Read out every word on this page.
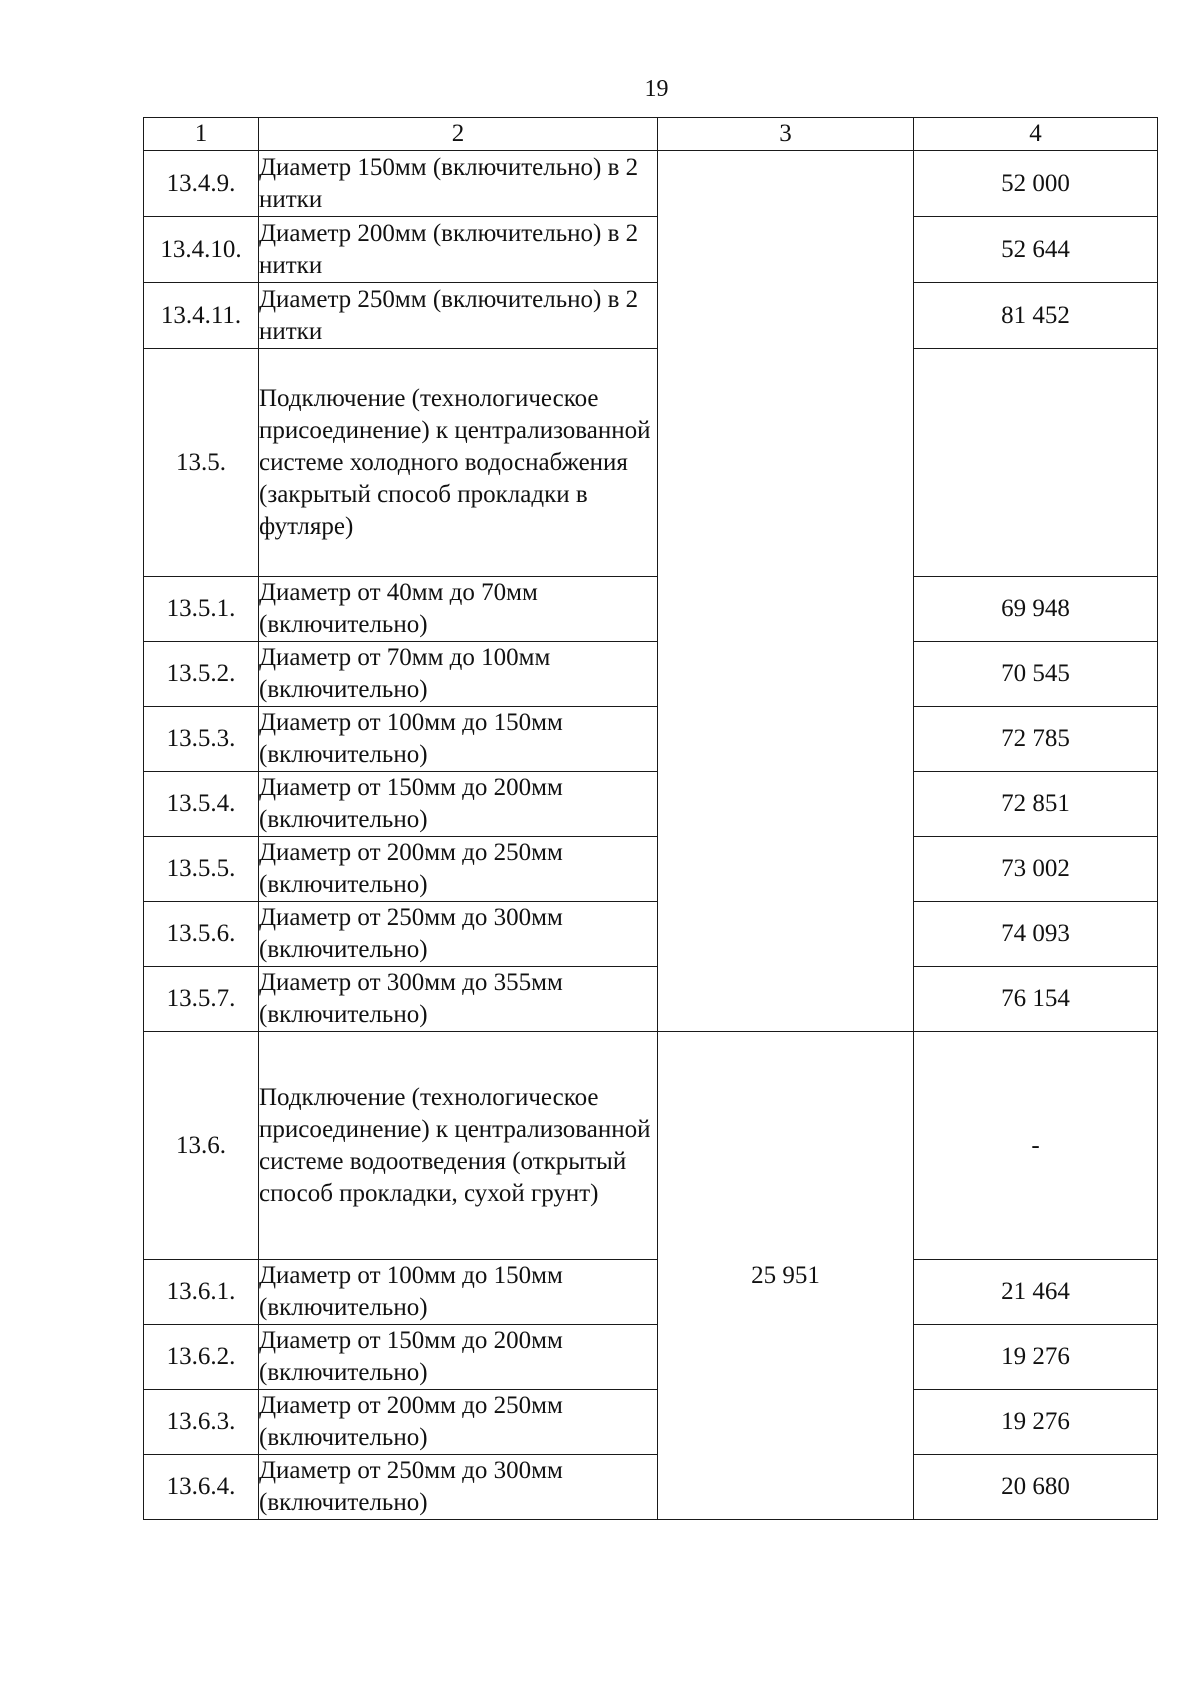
19
1	2	3	4
13.4.9.	Диаметр 150мм (включительно) в 2 нитки		52 000
13.4.10.	Диаметр 200мм (включительно) в 2 нитки		52 644
13.4.11.	Диаметр 250мм (включительно) в 2 нитки		81 452
13.5.	Подключение (технологическое присоединение) к централизованной системе холодного водоснабжения (закрытый способ прокладки в футляре)		
13.5.1.	Диаметр от 40мм до 70мм (включительно)		69 948
13.5.2.	Диаметр от 70мм до 100мм (включительно)		70 545
13.5.3.	Диаметр от 100мм до 150мм (включительно)		72 785
13.5.4.	Диаметр от 150мм до 200мм (включительно)		72 851
13.5.5.	Диаметр от 200мм до 250мм (включительно)		73 002
13.5.6.	Диаметр от 250мм до 300мм (включительно)		74 093
13.5.7.	Диаметр от 300мм до 355мм (включительно)		76 154
13.6.	Подключение (технологическое присоединение) к централизованной системе водоотведения (открытый способ прокладки, сухой грунт)	25 951	-
13.6.1.	Диаметр от 100мм до 150мм (включительно)		21 464
13.6.2.	Диаметр от 150мм до 200мм (включительно)		19 276
13.6.3.	Диаметр от 200мм до 250мм (включительно)		19 276
13.6.4.	Диаметр от 250мм до 300мм (включительно)		20 680
